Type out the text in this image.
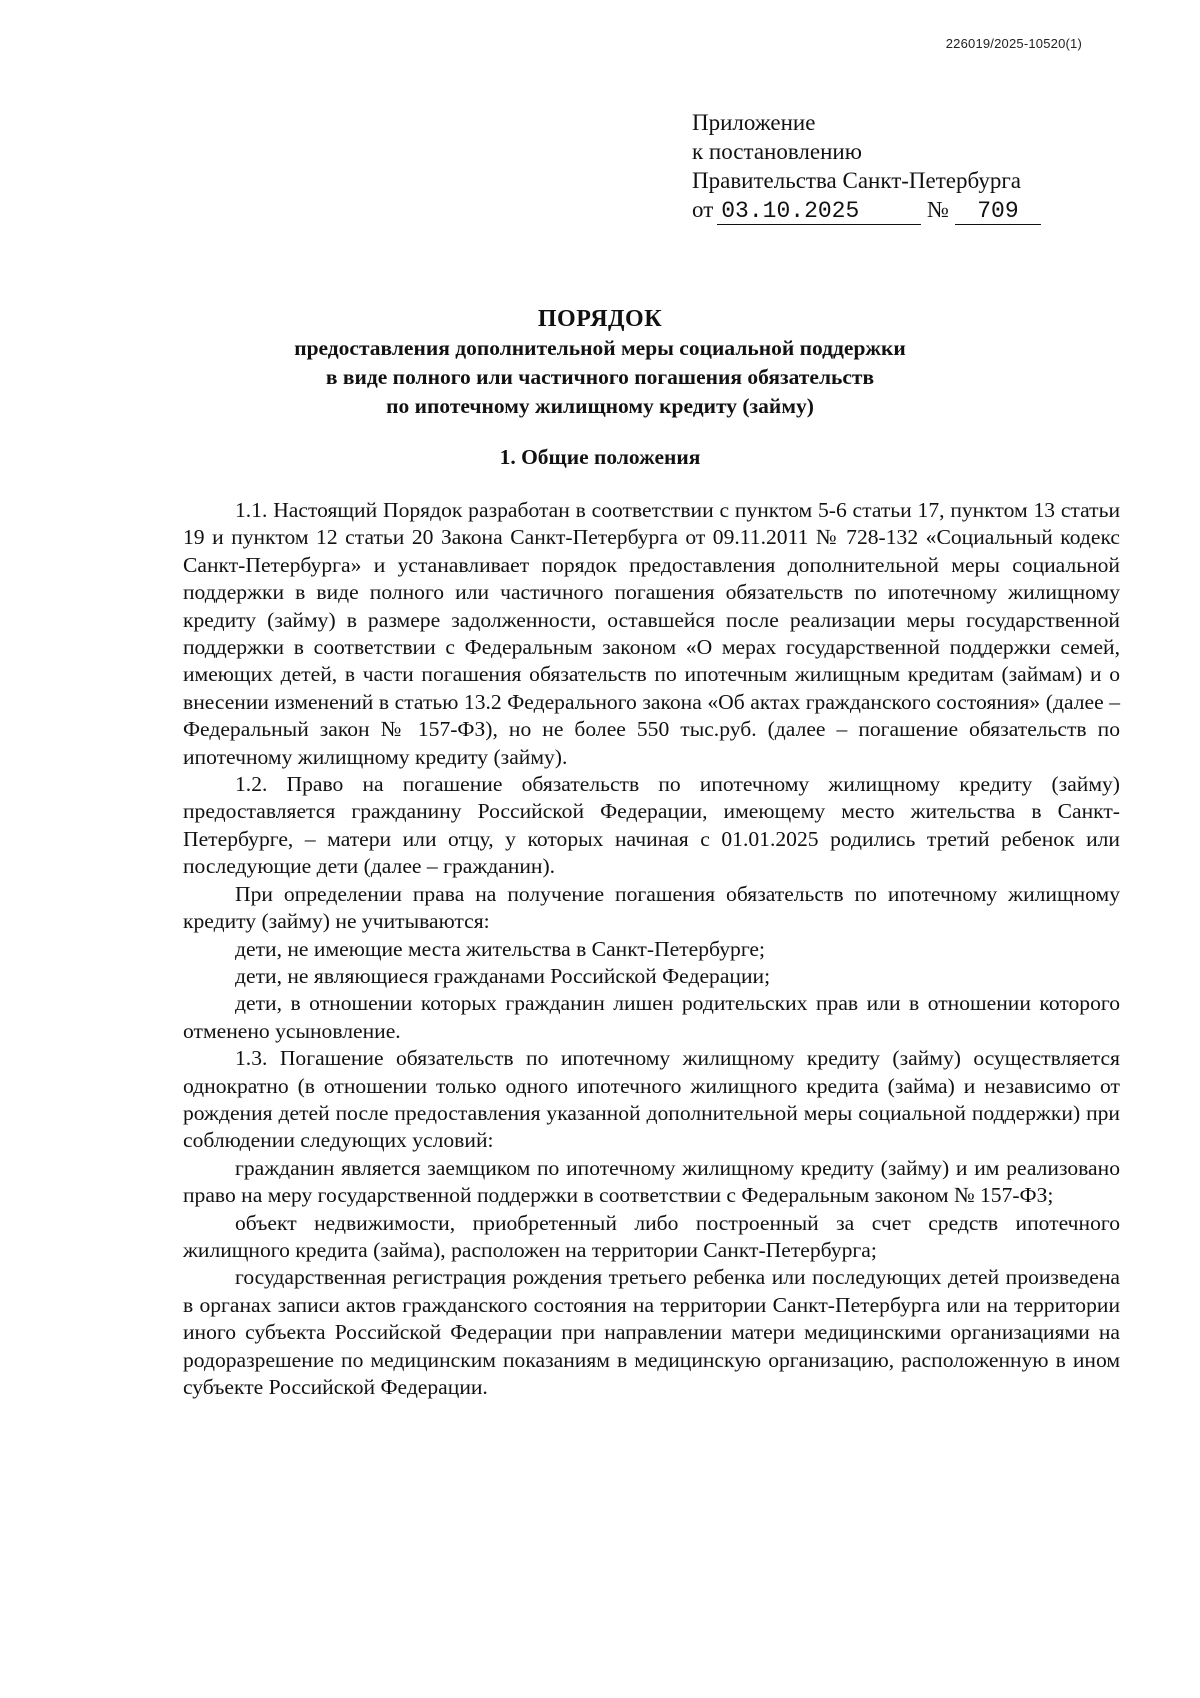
226019/2025-10520(1)
Приложение
к постановлению
Правительства Санкт-Петербурга
от 03.10.2025	№ 709
ПОРЯДОК
предоставления дополнительной меры социальной поддержки
в виде полного или частичного погашения обязательств
по ипотечному жилищному кредиту (займу)
1. Общие положения

1.1. Настоящий Порядок разработан в соответствии с пунктом 5-6 статьи 17, пунктом 13 статьи 19 и пунктом 12 статьи 20 Закона Санкт-Петербурга от 09.11.2011 № 728-132 «Социальный кодекс Санкт-Петербурга» и устанавливает порядок предоставления дополнительной меры социальной поддержки в виде полного или частичного погашения обязательств по ипотечному жилищному кредиту (займу) в размере задолженности, оставшейся после реализации меры государственной поддержки в соответствии с Федеральным законом «О мерах государственной поддержки семей, имеющих детей, в части погашения обязательств по ипотечным жилищным кредитам (займам) и о внесении изменений в статью 13.2 Федерального закона «Об актах гражданского состояния» (далее – Федеральный закон № 157-ФЗ), но не более 550 тыс.руб. (далее – погашение обязательств по ипотечному жилищному кредиту (займу).

1.2. Право на погашение обязательств по ипотечному жилищному кредиту (займу) предоставляется гражданину Российской Федерации, имеющему место жительства в Санкт-Петербурге, – матери или отцу, у которых начиная с 01.01.2025 родились третий ребенок или последующие дети (далее – гражданин).

При определении права на получение погашения обязательств по ипотечному жилищному кредиту (займу) не учитываются:

дети, не имеющие места жительства в Санкт-Петербурге;

дети, не являющиеся гражданами Российской Федерации;

дети, в отношении которых гражданин лишен родительских прав или в отношении которого отменено усыновление.

1.3. Погашение обязательств по ипотечному жилищному кредиту (займу) осуществляется однократно (в отношении только одного ипотечного жилищного кредита (займа) и независимо от рождения детей после предоставления указанной дополнительной меры социальной поддержки) при соблюдении следующих условий:

гражданин является заемщиком по ипотечному жилищному кредиту (займу) и им реализовано право на меру государственной поддержки в соответствии с Федеральным законом № 157-ФЗ;

объект недвижимости, приобретенный либо построенный за счет средств ипотечного жилищного кредита (займа), расположен на территории Санкт-Петербурга;

государственная регистрация рождения третьего ребенка или последующих детей произведена в органах записи актов гражданского состояния на территории Санкт-Петербурга или на территории иного субъекта Российской Федерации при направлении матери медицинскими организациями на родоразрешение по медицинским показаниям в медицинскую организацию, расположенную в ином субъекте Российской Федерации.
